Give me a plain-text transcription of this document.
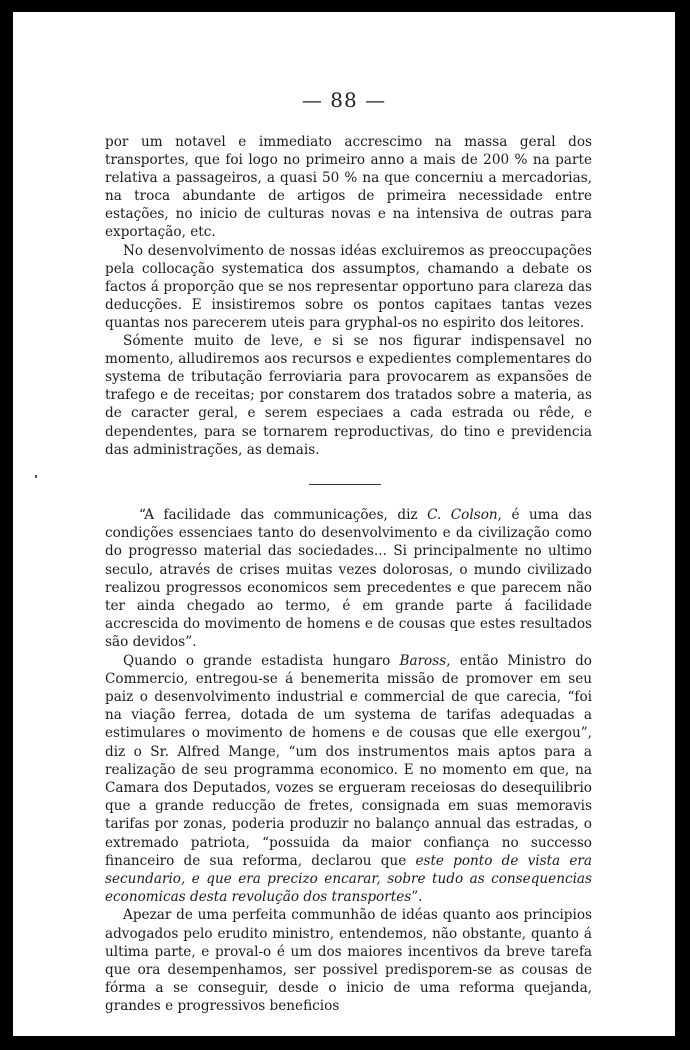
— 88 —

por um notavel e immediato accrescimo na massa geral dos transportes, que foi logo no primeiro anno a mais de 200 % na parte relativa a passageiros, a quasi 50 % na que concerniu a mercadorias, na troca abundante de artigos de primeira necessidade entre estações, no inicio de culturas novas e na intensiva de outras para exportação, etc.

No desenvolvimento de nossas idéas excluiremos as preoccupações pela collocação systematica dos assumptos, chamando a debate os factos á proporção que se nos representar opportuno para clareza das deducções. E insistiremos sobre os pontos capitaes tantas vezes quantas nos parecerem uteis para gryphal-os no espirito dos leitores.

Sómente muito de leve, e si se nos figurar indispensavel no momento, alludiremos aos recursos e expedientes complementares do systema de tributação ferroviaria para provocarem as expansões de trafego e de receitas; por constarem dos tratados sobre a materia, as de caracter geral, e serem especiaes a cada estrada ou rêde, e dependentes, para se tornarem reproductivas, do tino e previdencia das administrações, as demais.

“A facilidade das communicações, diz C. Colson, é uma das condições essenciaes tanto do desenvolvimento e da civilização como do progresso material das sociedades... Si principalmente no ultimo seculo, através de crises muitas vezes dolorosas, o mundo civilizado realizou progressos economicos sem precedentes e que parecem não ter ainda chegado ao termo, é em grande parte á facilidade accrescida do movimento de homens e de cousas que estes resultados são devidos”.

Quando o grande estadista hungaro Baross, então Ministro do Commercio, entregou-se á benemerita missão de promover em seu paiz o desenvolvimento industrial e commercial de que carecia, “foi na viação ferrea, dotada de um systema de tarifas adequadas a estimulares o movimento de homens e de cousas que elle exergou”, diz o Sr. Alfred Mange, “um dos instrumentos mais aptos para a realização de seu programma economico. E no momento em que, na Camara dos Deputados, vozes se ergueram receiosas do desequilibrio que a grande reducção de fretes, consignada em suas memoravis tarifas por zonas, poderia produzir no balanço annual das estradas, o extremado patriota, “possuida da maior confiança no successo financeiro de sua reforma, declarou que este ponto de vista era secundario, e que era precizo encarar, sobre tudo as consequencias economicas desta revolução dos transportes”.

Apezar de uma perfeita communhão de idéas quanto aos principios advogados pelo erudito ministro, entendemos, não obstante, quanto á ultima parte, e proval-o é um dos maiores incentivos da breve tarefa que ora desempenhamos, ser possivel predisporem-se as cousas de fórma a se conseguir, desde o inicio de uma reforma quejanda, grandes e progressivos beneficios
